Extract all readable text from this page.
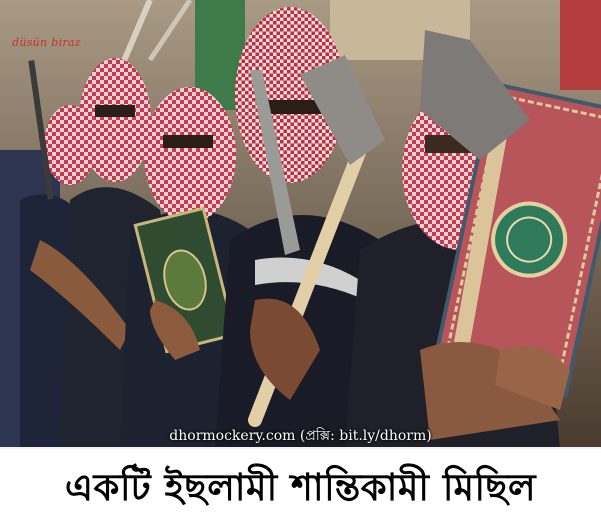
düsün biraz
dhormockery.com (প্রক্সি: bit.ly/dhorm)
একটি ইছলামী শান্তিকামী মিছিল
